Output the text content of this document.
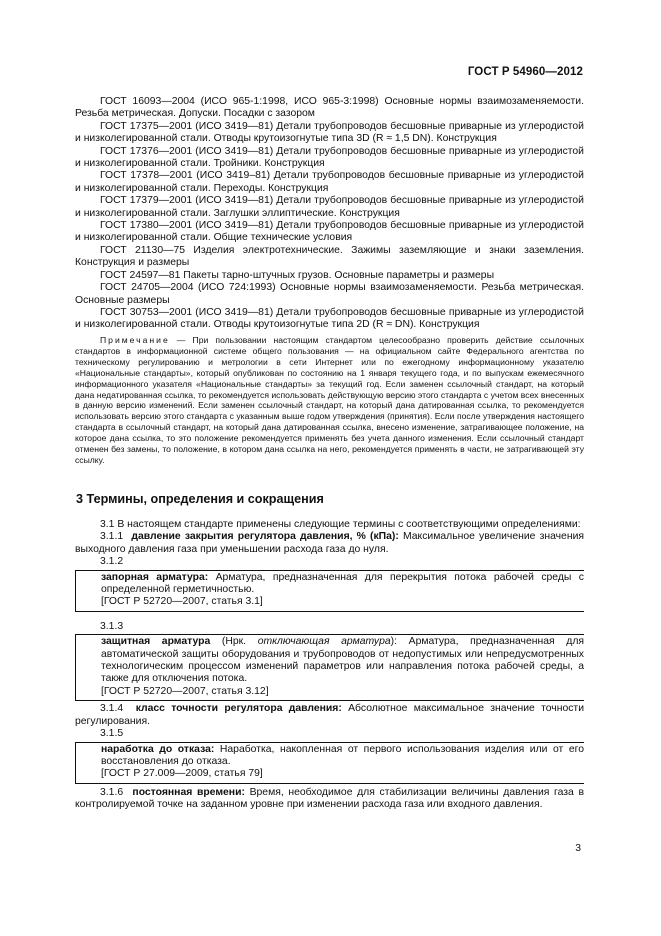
ГОСТ Р 54960—2012

ГОСТ 16093—2004 (ИСО 965-1:1998, ИСО 965-3:1998) Основные нормы взаимозаменяемости. Резьба метрическая. Допуски. Посадки с зазором

ГОСТ 17375—2001 (ИСО 3419—81) Детали трубопроводов бесшовные приварные из углеродистой и низколегированной стали. Отводы крутоизогнутые типа 3D (R ≈ 1,5 DN). Конструкция

ГОСТ 17376—2001 (ИСО 3419—81) Детали трубопроводов бесшовные приварные из углеродистой и низколегированной стали. Тройники. Конструкция

ГОСТ 17378—2001 (ИСО 3419–81) Детали трубопроводов бесшовные приварные из углеродистой и низколегированной стали. Переходы. Конструкция

ГОСТ 17379—2001 (ИСО 3419—81) Детали трубопроводов бесшовные приварные из углеродистой и низколегированной стали. Заглушки эллиптические. Конструкция

ГОСТ 17380—2001 (ИСО 3419—81) Детали трубопроводов бесшовные приварные из углеродистой и низколегированной стали. Общие технические условия

ГОСТ 21130—75 Изделия электротехнические. Зажимы заземляющие и знаки заземления. Конструкция и размеры

ГОСТ 24597—81 Пакеты тарно-штучных грузов. Основные параметры и размеры

ГОСТ 24705—2004 (ИСО 724:1993) Основные нормы взаимозаменяемости. Резьба метрическая. Основные размеры

ГОСТ 30753—2001 (ИСО 3419—81) Детали трубопроводов бесшовные приварные из углеродистой и низколегированной стали. Отводы крутоизогнутые типа 2D (R ≈ DN). Конструкция

Примечание — При пользовании настоящим стандартом целесообразно проверить действие ссылочных стандартов в информационной системе общего пользования — на официальном сайте Федерального агентства по техническому регулированию и метрологии в сети Интернет или по ежегодному информационному указателю «Национальные стандарты», который опубликован по состоянию на 1 января текущего года, и по выпускам ежемесячного информационного указателя «Национальные стандарты» за текущий год. Если заменен ссылочный стандарт, на который дана недатированная ссылка, то рекомендуется использовать действующую версию этого стандарта с учетом всех внесенных в данную версию изменений. Если заменен ссылочный стандарт, на который дана датированная ссылка, то рекомендуется использовать версию этого стандарта с указанным выше годом утверждения (принятия). Если после утверждения настоящего стандарта в ссылочный стандарт, на который дана датированная ссылка, внесено изменение, затрагивающее положение, на которое дана ссылка, то это положение рекомендуется применять без учета данного изменения. Если ссылочный стандарт отменен без замены, то положение, в котором дана ссылка на него, рекомендуется применять в части, не затрагивающей эту ссылку.

3 Термины, определения и сокращения

3.1 В настоящем стандарте применены следующие термины с соответствующими определениями:

3.1.1 давление закрытия регулятора давления, % (кПа): Максимальное увеличение значения выходного давления газа при уменьшении расхода газа до нуля.

3.1.2

запорная арматура: Арматура, предназначенная для перекрытия потока рабочей среды с определенной герметичностью.

[ГОСТ Р 52720—2007, статья 3.1]

3.1.3

защитная арматура (Нрк. отключающая арматура): Арматура, предназначенная для автоматической защиты оборудования и трубопроводов от недопустимых или непредусмотренных технологическим процессом изменений параметров или направления потока рабочей среды, а также для отключения потока.

[ГОСТ Р 52720—2007, статья 3.12]

3.1.4 класс точности регулятора давления: Абсолютное максимальное значение точности регулирования.

3.1.5

наработка до отказа: Наработка, накопленная от первого использования изделия или от его восстановления до отказа.

[ГОСТ Р 27.009—2009, статья 79]

3.1.6 постоянная времени: Время, необходимое для стабилизации величины давления газа в контролируемой точке на заданном уровне при изменении расхода газа или входного давления.

3
